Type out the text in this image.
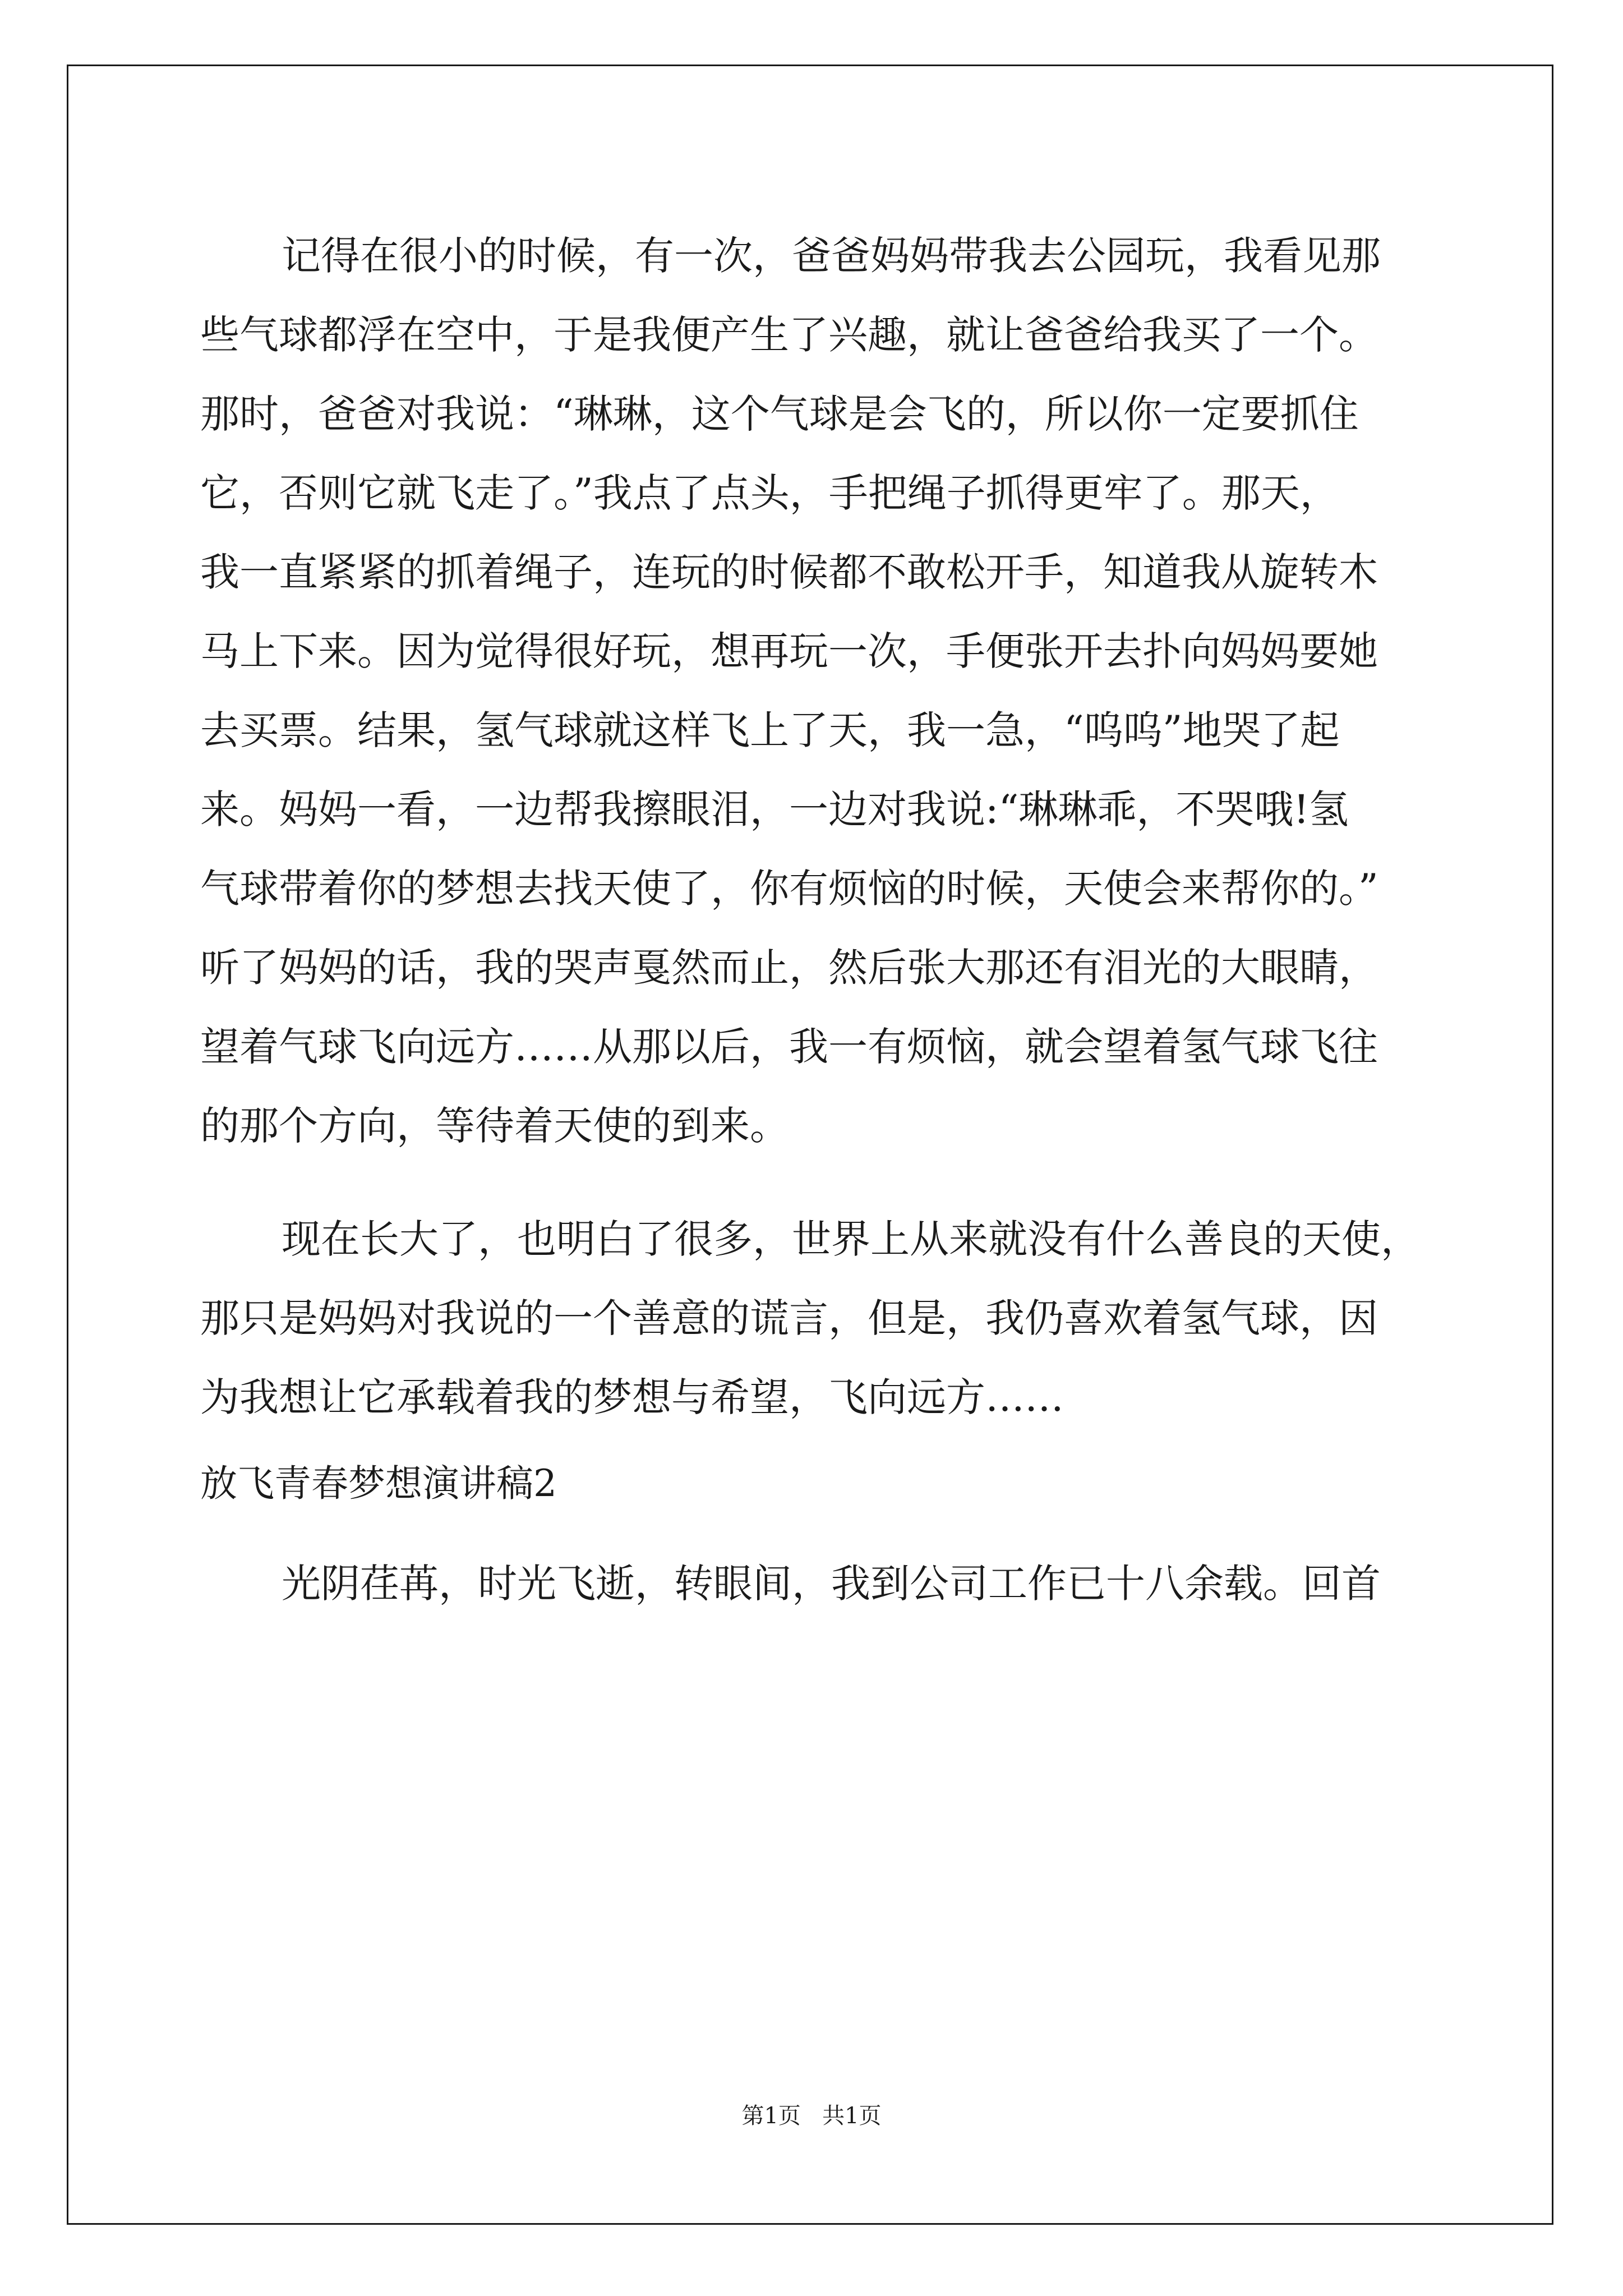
记得在很小的时候，有一次，爸爸妈妈带我去公园玩，我看见那

些气球都浮在空中，于是我便产生了兴趣，就让爸爸给我买了一个。

那时，爸爸对我说：“琳琳，这个气球是会飞的，所以你一定要抓住

它，否则它就飞走了。”我点了点头，手把绳子抓得更牢了。那天，

我一直紧紧的抓着绳子，连玩的时候都不敢松开手，知道我从旋转木

马上下来。因为觉得很好玩，想再玩一次，手便张开去扑向妈妈要她

去买票。结果，氢气球就这样飞上了天，我一急，“呜呜”地哭了起

来。妈妈一看，一边帮我擦眼泪，一边对我说:“琳琳乖，不哭哦!氢

气球带着你的梦想去找天使了，你有烦恼的时候，天使会来帮你的。”

听了妈妈的话，我的哭声戛然而止，然后张大那还有泪光的大眼睛，

望着气球飞向远方……从那以后，我一有烦恼，就会望着氢气球飞往

的那个方向，等待着天使的到来。

现在长大了，也明白了很多，世界上从来就没有什么善良的天使，

那只是妈妈对我说的一个善意的谎言，但是，我仍喜欢着氢气球，因

为我想让它承载着我的梦想与希望，飞向远方……

放飞青春梦想演讲稿2

光阴荏苒，时光飞逝，转眼间，我到公司工作已十八余载。回首

第1页 共1页
